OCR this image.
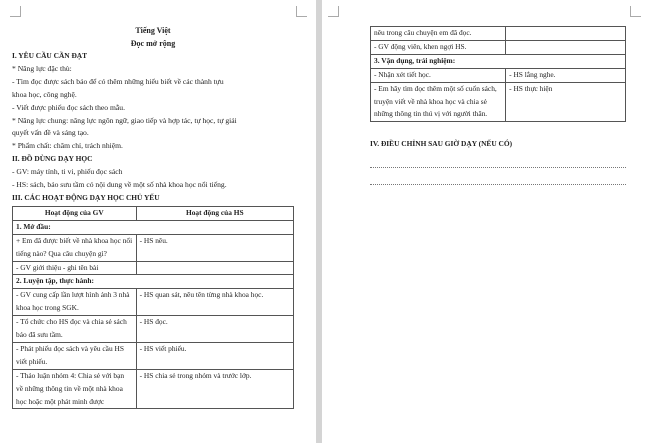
Tiếng Việt

Đọc mở rộng

I. YÊU CẦU CẦN ĐẠT

* Năng lực đặc thù:

- Tìm đọc được sách báo để có thêm những hiểu biết về các thành tựu

khoa học, công nghệ.

- Viết được phiếu đọc sách theo mẫu.

* Năng lực chung: năng lực ngôn ngữ, giao tiếp và hợp tác, tự học, tự giải

quyết vấn đề và sáng tạo.

* Phẩm chất: chăm chỉ, trách nhiệm.

II. ĐỒ DÙNG DẠY HỌC

- GV: máy tính, ti vi, phiếu đọc sách

- HS: sách, báo sưu tầm có nội dung về một số nhà khoa học nổi tiếng.

III. CÁC HOẠT ĐỘNG DẠY HỌC CHỦ YẾU

Hoạt động của GV	Hoạt động của HS
1. Mở đầu:	
+ Em đã được biết về nhà khoa học nổi tiếng nào? Qua câu chuyện gì?	- HS nêu.
- GV giới thiệu - ghi tên bài	
2. Luyện tập, thực hành:	
- GV cung cấp lần lượt hình ảnh 3 nhà khoa học trong SGK.	- HS quan sát, nêu tên từng nhà khoa học.
- Tổ chức cho HS đọc và chia sẻ sách báo đã sưu tầm.	- HS đọc.
- Phát phiếu đọc sách và yêu cầu HS viết phiếu.	- HS viết phiếu.
- Thảo luận nhóm 4: Chia sẻ với bạn về những thông tin về một nhà khoa học hoặc một phát minh được	- HS chia sẻ trong nhóm và trước lớp.
nêu trong câu chuyện em đã đọc.	
- GV động viên, khen ngợi HS.	
3. Vận dụng, trải nghiệm:	
- Nhận xét tiết học.	- HS lắng nghe.
- Em hãy tìm đọc thêm một số cuốn sách, truyện viết về nhà khoa học và chia sẻ những thông tin thú vị với người thân.	- HS thực hiện

IV. ĐIỀU CHỈNH SAU GIỜ DẠY (NẾU CÓ)
